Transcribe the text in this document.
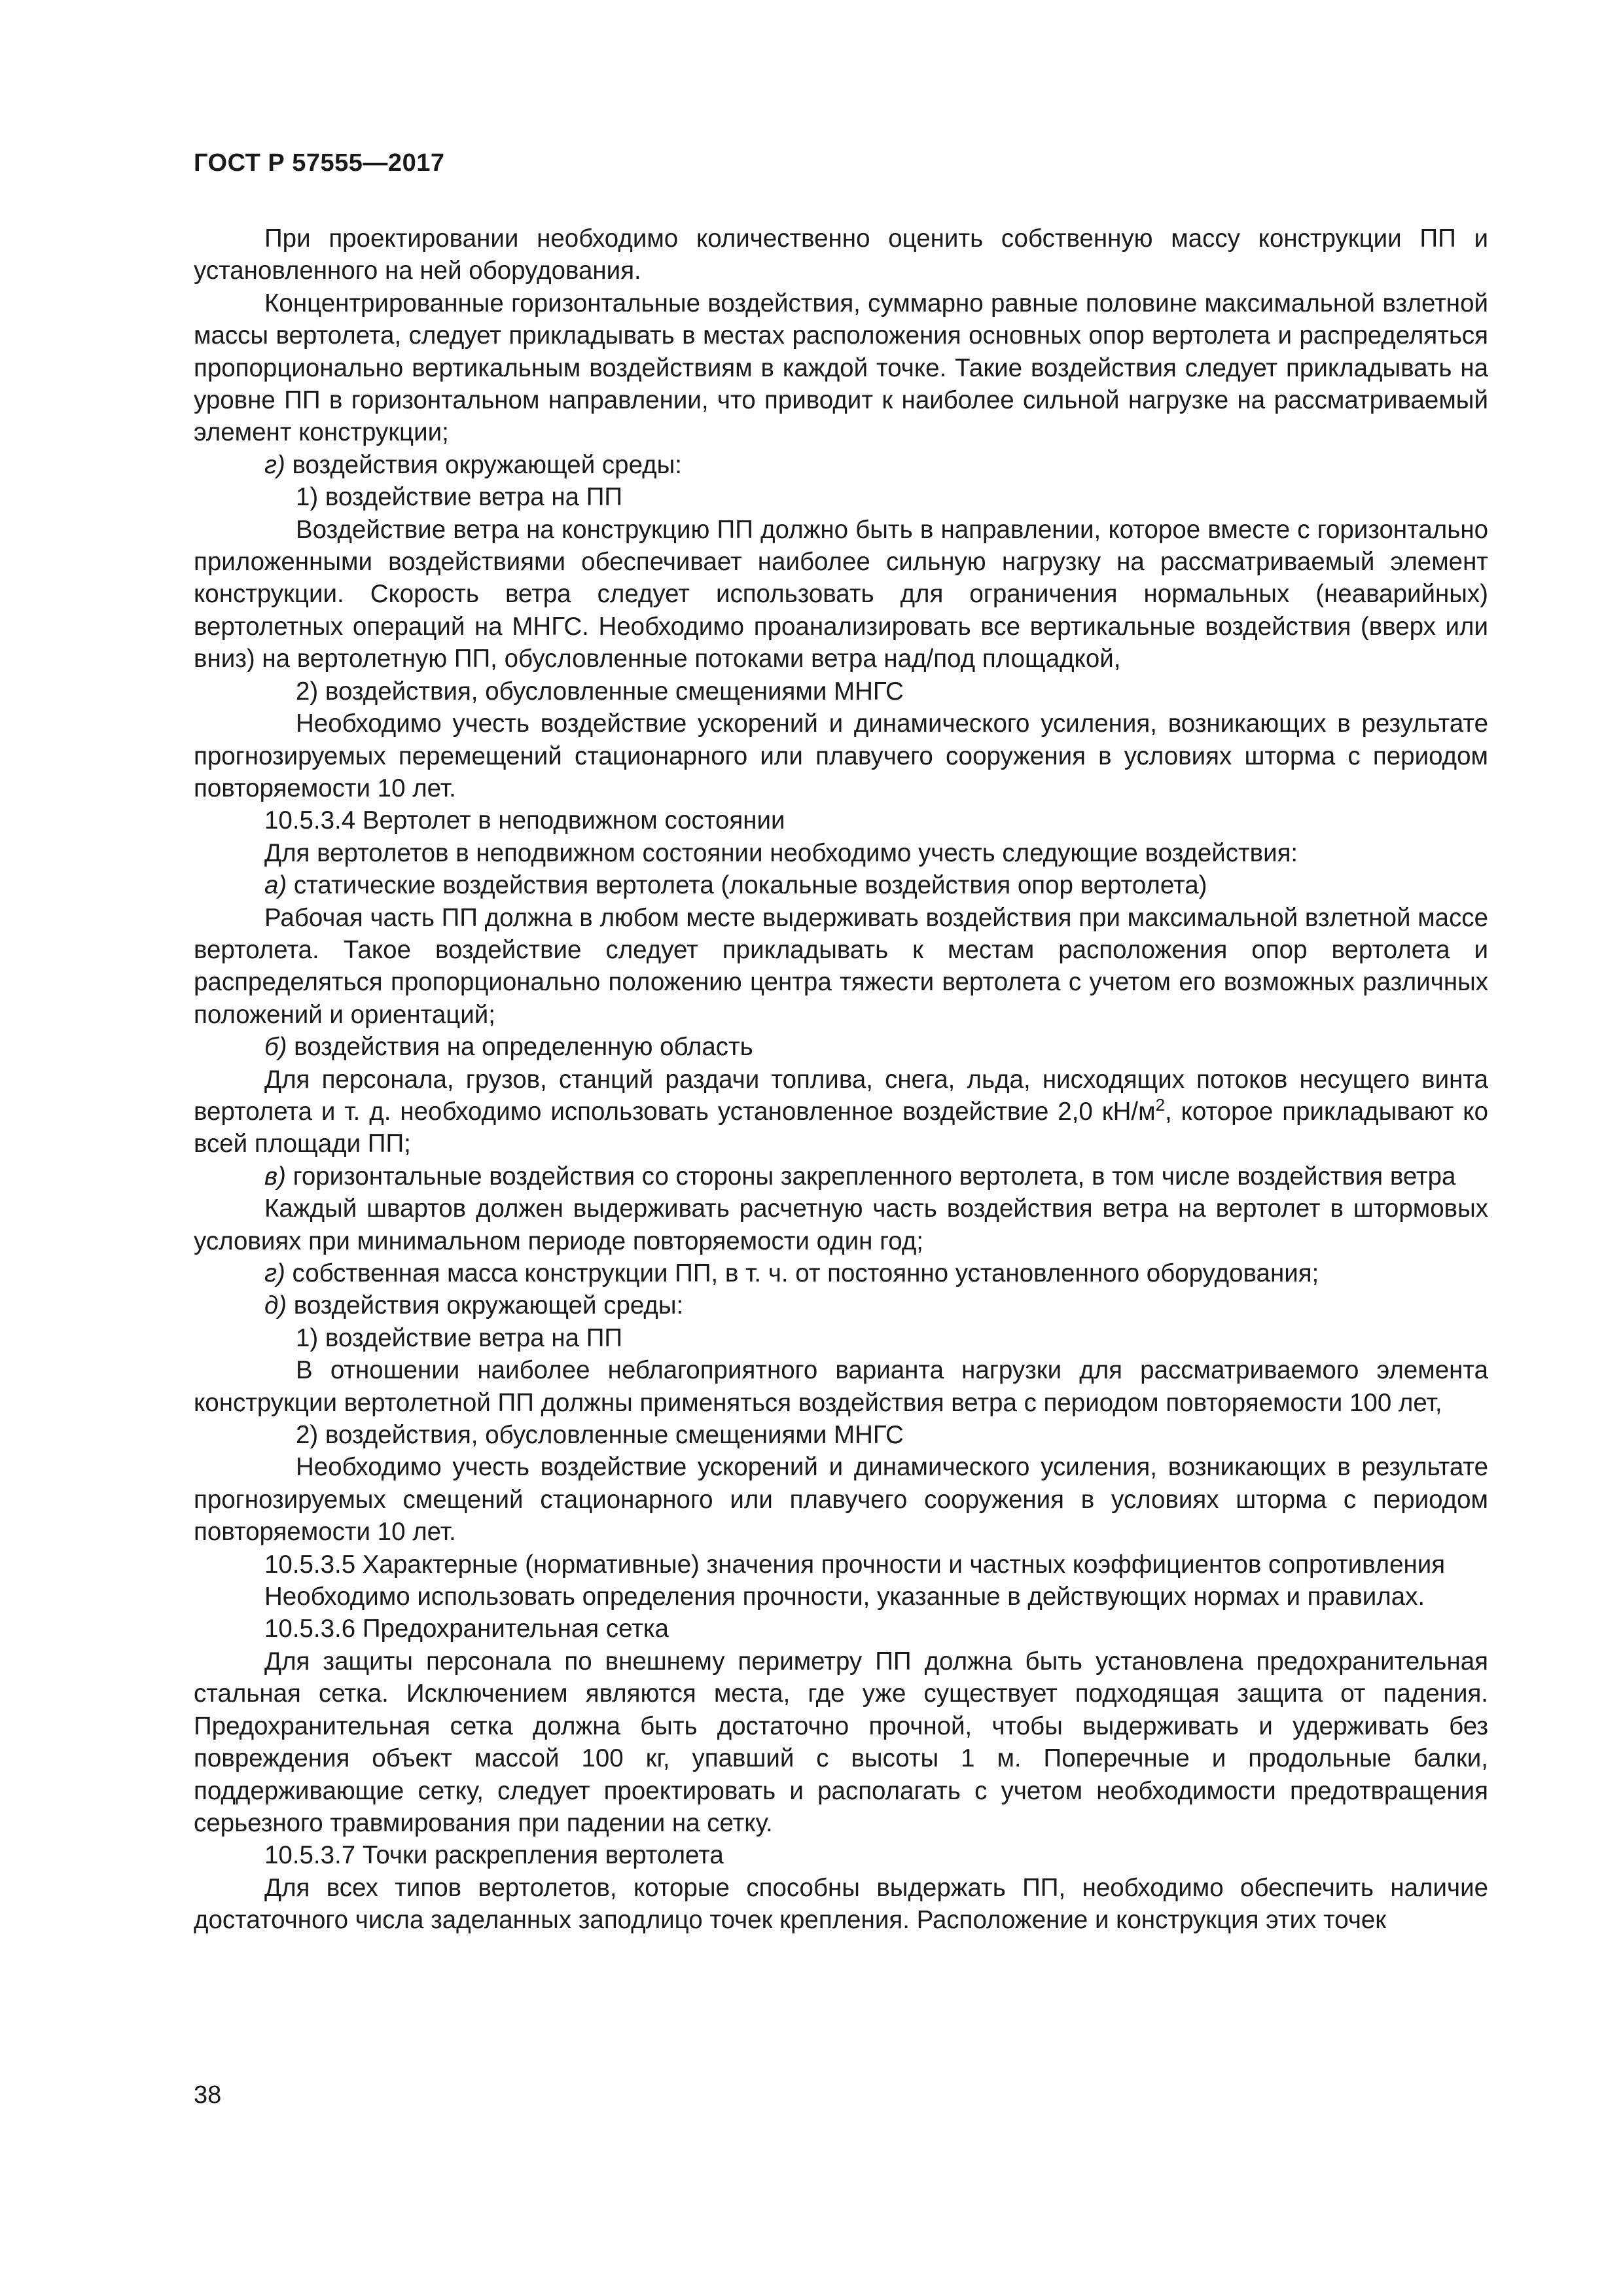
ГОСТ Р 57555—2017

При проектировании необходимо количественно оценить собственную массу конструкции ПП и установленного на ней оборудования.

Концентрированные горизонтальные воздействия, суммарно равные половине максимальной взлетной массы вертолета, следует прикладывать в местах расположения основных опор вертолета и распределяться пропорционально вертикальным воздействиям в каждой точке. Такие воздействия следует прикладывать на уровне ПП в горизонтальном направлении, что приводит к наиболее сильной нагрузке на рассматриваемый элемент конструкции;

г) воздействия окружающей среды:

1) воздействие ветра на ПП

Воздействие ветра на конструкцию ПП должно быть в направлении, которое вместе с горизонтально приложенными воздействиями обеспечивает наиболее сильную нагрузку на рассматриваемый элемент конструкции. Скорость ветра следует использовать для ограничения нормальных (неаварийных) вертолетных операций на МНГС. Необходимо проанализировать все вертикальные воздействия (вверх или вниз) на вертолетную ПП, обусловленные потоками ветра над/под площадкой,

2) воздействия, обусловленные смещениями МНГС

Необходимо учесть воздействие ускорений и динамического усиления, возникающих в результате прогнозируемых перемещений стационарного или плавучего сооружения в условиях шторма с периодом повторяемости 10 лет.

10.5.3.4 Вертолет в неподвижном состоянии

Для вертолетов в неподвижном состоянии необходимо учесть следующие воздействия:

а) статические воздействия вертолета (локальные воздействия опор вертолета)

Рабочая часть ПП должна в любом месте выдерживать воздействия при максимальной взлетной массе вертолета. Такое воздействие следует прикладывать к местам расположения опор вертолета и распределяться пропорционально положению центра тяжести вертолета с учетом его возможных различных положений и ориентаций;

б) воздействия на определенную область

Для персонала, грузов, станций раздачи топлива, снега, льда, нисходящих потоков несущего винта вертолета и т. д. необходимо использовать установленное воздействие 2,0 $кН/м^2$, которое прикладывают ко всей площади ПП;

в) горизонтальные воздействия со стороны закрепленного вертолета, в том числе воздействия ветра

Каждый швартов должен выдерживать расчетную часть воздействия ветра на вертолет в штормовых условиях при минимальном периоде повторяемости один год;

г) собственная масса конструкции ПП, в т. ч. от постоянно установленного оборудования;

д) воздействия окружающей среды:

1) воздействие ветра на ПП

В отношении наиболее неблагоприятного варианта нагрузки для рассматриваемого элемента конструкции вертолетной ПП должны применяться воздействия ветра с периодом повторяемости 100 лет,

2) воздействия, обусловленные смещениями МНГС

Необходимо учесть воздействие ускорений и динамического усиления, возникающих в результате прогнозируемых смещений стационарного или плавучего сооружения в условиях шторма с периодом повторяемости 10 лет.

10.5.3.5 Характерные (нормативные) значения прочности и частных коэффициентов сопротивления

Необходимо использовать определения прочности, указанные в действующих нормах и правилах.

10.5.3.6 Предохранительная сетка

Для защиты персонала по внешнему периметру ПП должна быть установлена предохранительная стальная сетка. Исключением являются места, где уже существует подходящая защита от падения. Предохранительная сетка должна быть достаточно прочной, чтобы выдерживать и удерживать без повреждения объект массой 100 кг, упавший с высоты 1 м. Поперечные и продольные балки, поддерживающие сетку, следует проектировать и располагать с учетом необходимости предотвращения серьезного травмирования при падении на сетку.

10.5.3.7 Точки раскрепления вертолета

Для всех типов вертолетов, которые способны выдержать ПП, необходимо обеспечить наличие достаточного числа заделанных заподлицо точек крепления. Расположение и конструкция этих точек

38
